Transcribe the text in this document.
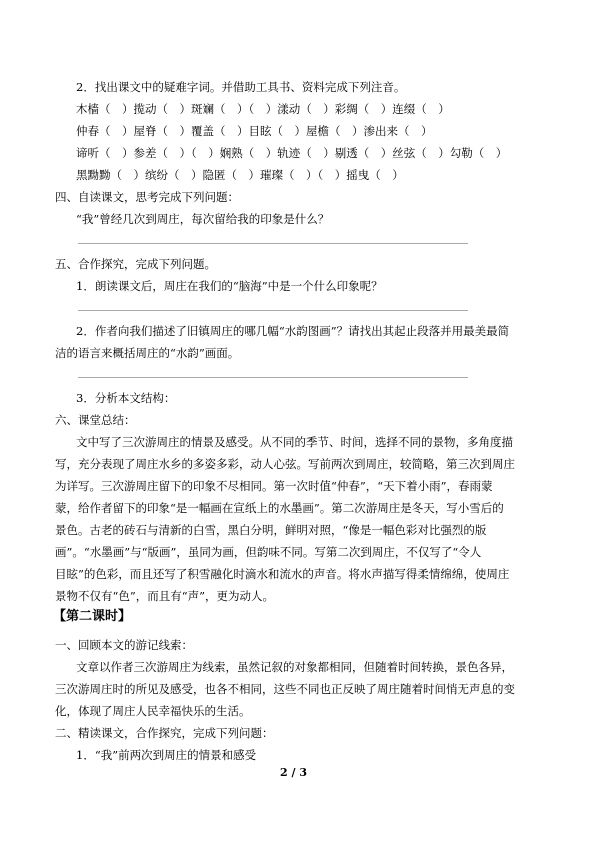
2．找出课文中的疑难字词。并借助工具书、资料完成下列注音。
木樯（　）揽动（　）斑斓（　）（　）漾动（　）彩绸（　）连缀（　）
仲春（　）屋脊（　）覆盖（　）目眩（　）屋檐（　）渗出来（　）
谛听（　）参差（　）（　）娴熟（　）轨迹（　）剔透（　）丝弦（　）勾勒（　）
黑黝黝（　）缤纷（　）隐匿（　）璀璨（　）（　）摇曳（　）
四、自读课文，思考完成下列问题：
“我”曾经几次到周庄，每次留给我的印象是什么？
五、合作探究，完成下列问题。
1．朗读课文后，周庄在我们的“脑海”中是一个什么印象呢？
2．作者向我们描述了旧镇周庄的哪几幅“水韵图画”？请找出其起止段落并用最美最简
洁的语言来概括周庄的“水韵”画面。
3．分析本文结构：
六、课堂总结：
文中写了三次游周庄的情景及感受。从不同的季节、时间，选择不同的景物，多角度描
写，充分表现了周庄水乡的多姿多彩，动人心弦。写前两次到周庄，较简略，第三次到周庄
为详写。三次游周庄留下的印象不尽相同。第一次时值“仲春”，“天下着小雨”，春雨蒙
蒙，给作者留下的印象“是一幅画在宣纸上的水墨画”。第二次游周庄是冬天，写小雪后的
景色。古老的砖石与清新的白雪，黑白分明，鲜明对照，“像是一幅色彩对比强烈的版
画”。“水墨画”与“版画”，虽同为画，但韵味不同。写第二次到周庄，不仅写了“令人
目眩”的色彩，而且还写了积雪融化时滴水和流水的声音。将水声描写得柔情绵绵，使周庄
景物不仅有“色”，而且有“声”，更为动人。
【第二课时】
一、回顾本文的游记线索：
文章以作者三次游周庄为线索，虽然记叙的对象都相同，但随着时间转换，景色各异，
三次游周庄时的所见及感受，也各不相同，这些不同也正反映了周庄随着时间悄无声息的变
化，体现了周庄人民幸福快乐的生活。
二、精读课文，合作探究，完成下列问题：
1．“我”前两次到周庄的情景和感受
2 / 3
